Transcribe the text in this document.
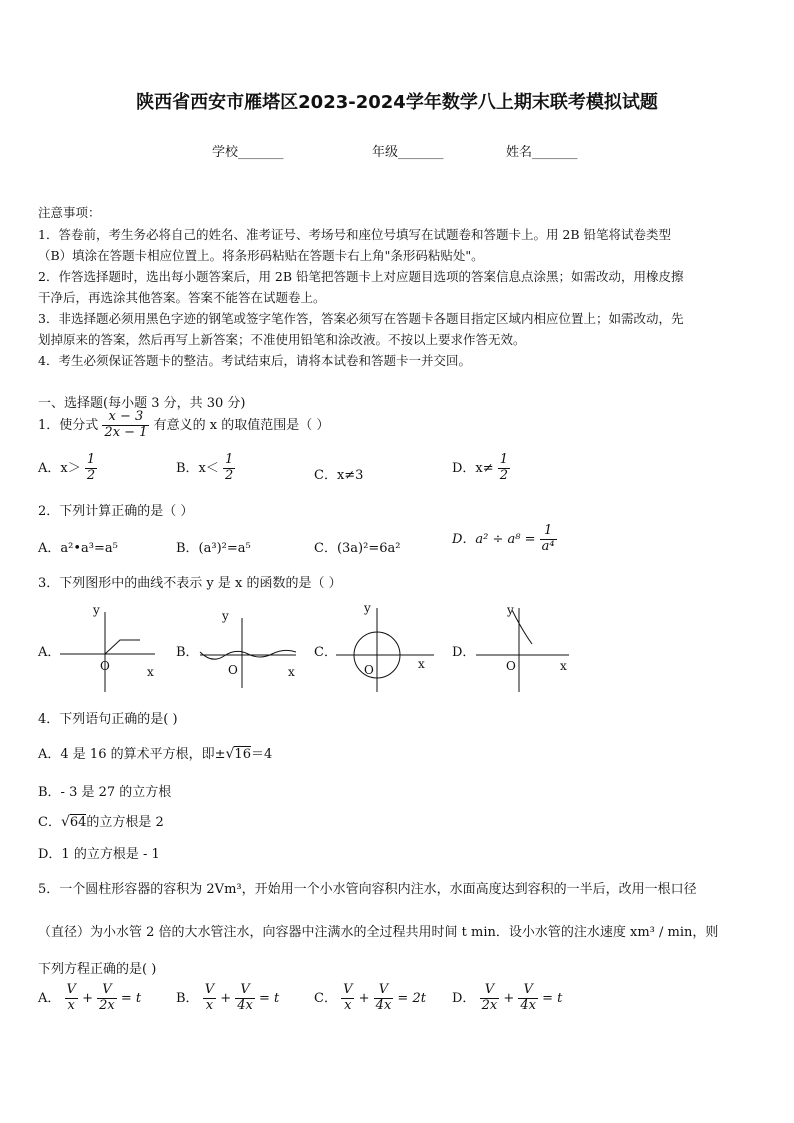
陕西省西安市雁塔区2023-2024学年数学八上期末联考模拟试题
学校_______	年级_______	姓名_______
注意事项：
1．答卷前，考生务必将自己的姓名、准考证号、考场号和座位号填写在试题卷和答题卡上。用 2B 铅笔将试卷类型
（B）填涂在答题卡相应位置上。将条形码粘贴在答题卡右上角"条形码粘贴处"。
2．作答选择题时，选出每小题答案后，用 2B 铅笔把答题卡上对应题目选项的答案信息点涂黑；如需改动，用橡皮擦
干净后，再选涂其他答案。答案不能答在试题卷上。
3．非选择题必须用黑色字迹的钢笔或签字笔作答，答案必须写在答题卡各题目指定区域内相应位置上；如需改动，先
划掉原来的答案，然后再写上新答案；不准使用铅笔和涂改液。不按以上要求作答无效。
4．考生必须保证答题卡的整洁。考试结束后，请将本试卷和答题卡一并交回。
一、选择题(每小题 3 分，共 30 分)
1．使分式 $\frac{x - 3}{2x - 1}$ 有意义的 x 的取值范围是（ ）
A．$x> \frac{1}{2}$	B．$x< \frac{1}{2}$	C．x≠3	D．$x\ne \frac{1}{2}$
2．下列计算正确的是（ ）
A．a²•a³=a⁵	B．(a³)²=a⁵	C．(3a)²=6a²
D．$a^2 \div a^8 = \frac{1}{\text{a⁴}}$
3．下列图形中的曲线不表示 y 是 x 的函数的是（ ）
A．	B．	C．	D．
y
O	x
y
O	x
y
O	x
y
O	x
4．下列语句正确的是( )
A．4 是 16 的算术平方根，即±√16＝4
B．- 3 是 27 的立方根
C．√64的立方根是 2
D．1 的立方根是 - 1
5．一个圆柱形容器的容积为 2Vm³，开始用一个小水管向容积内注水，水面高度达到容积的一半后，改用一根口径
（直径）为小水管 2 倍的大水管注水，向容器中注满水的全过程共用时间 t min．设小水管的注水速度 xm³ / min，则
下列方程正确的是( )
A． $\frac{V}{x} + \frac{V}{2x} = t$	B． $\frac{V}{x} + \frac{V}{4x} = t$	C． $\frac{V}{x} + \frac{V}{4x} = 2t$ D． $\frac{V}{2x} + \frac{V}{4x} = t$
